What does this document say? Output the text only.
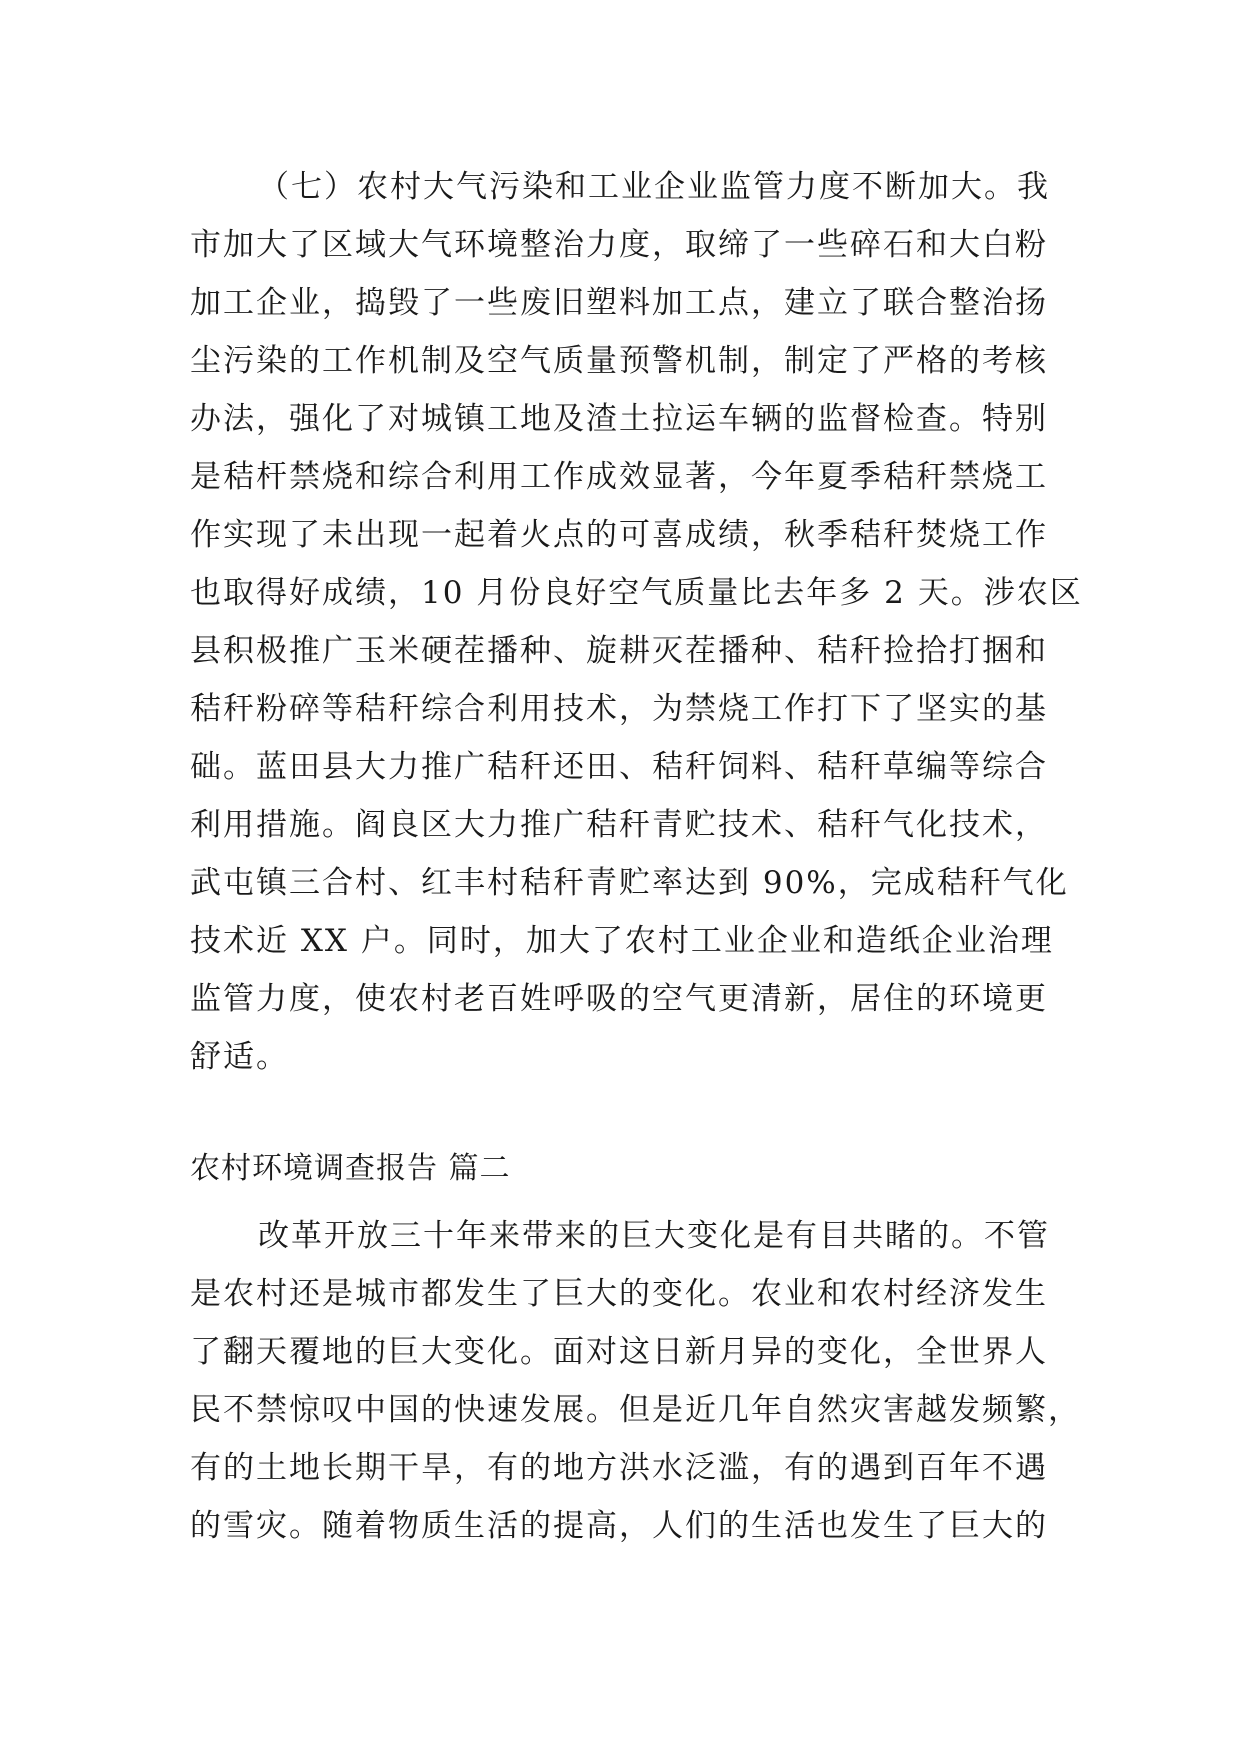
（七）农村大气污染和工业企业监管力度不断加大。我
市加大了区域大气环境整治力度，取缔了一些碎石和大白粉
加工企业，捣毁了一些废旧塑料加工点，建立了联合整治扬
尘污染的工作机制及空气质量预警机制，制定了严格的考核
办法，强化了对城镇工地及渣土拉运车辆的监督检查。特别
是秸杆禁烧和综合利用工作成效显著，今年夏季秸秆禁烧工
作实现了未出现一起着火点的可喜成绩，秋季秸秆焚烧工作
也取得好成绩，10 月份良好空气质量比去年多 2 天。涉农区
县积极推广玉米硬茬播种、旋耕灭茬播种、秸秆捡拾打捆和
秸秆粉碎等秸秆综合利用技术，为禁烧工作打下了坚实的基
础。蓝田县大力推广秸秆还田、秸秆饲料、秸秆草编等综合
利用措施。阎良区大力推广秸秆青贮技术、秸秆气化技术，
武屯镇三合村、红丰村秸秆青贮率达到 90%，完成秸秆气化
技术近 XX 户。同时，加大了农村工业企业和造纸企业治理
监管力度，使农村老百姓呼吸的空气更清新，居住的环境更
舒适。
农村环境调查报告 篇二
改革开放三十年来带来的巨大变化是有目共睹的。不管
是农村还是城市都发生了巨大的变化。农业和农村经济发生
了翻天覆地的巨大变化。面对这日新月异的变化，全世界人
民不禁惊叹中国的快速发展。但是近几年自然灾害越发频繁，
有的土地长期干旱，有的地方洪水泛滥，有的遇到百年不遇
的雪灾。随着物质生活的提高，人们的生活也发生了巨大的
